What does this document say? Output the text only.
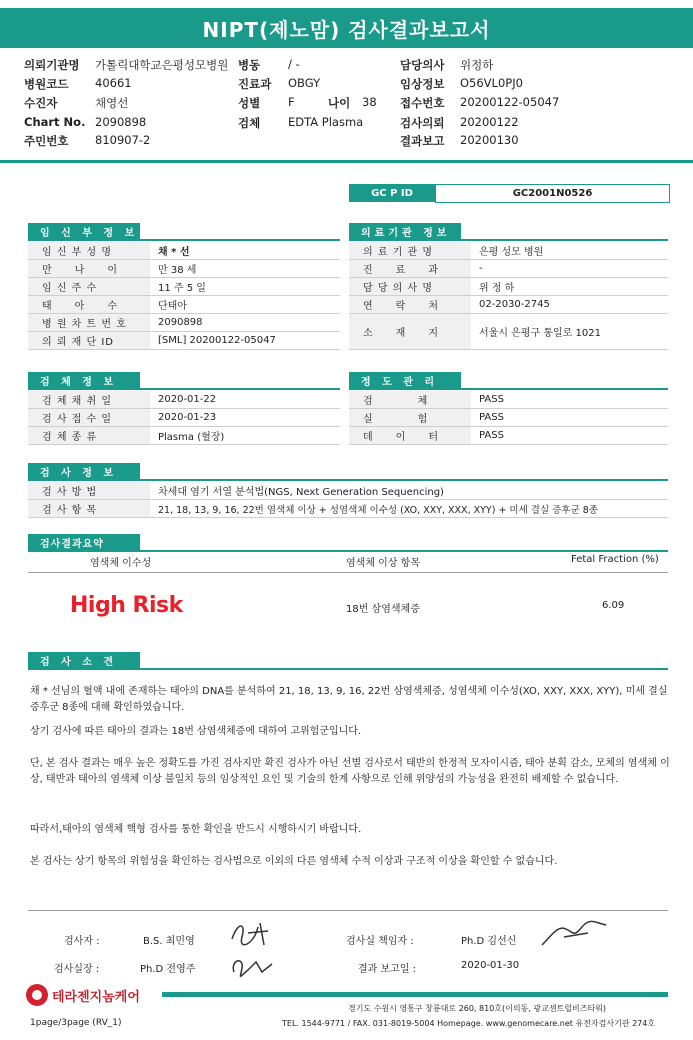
NIPT(제노맘) 검사결과보고서
의뢰기관명 가톨릭대학교은평성모병원 병동 / -	담당의사 위정하
병원코드 40661	진료과 OBGY	임상정보 O56VL0PJ0
수진자	채영선	성별 F	나이 38 접수번호 20200122-05047
Chart No. 2090898	검체 EDTA Plasma	검사의뢰 20200122
주민번호 810907-2	결과보고 20200130
GC P ID	GC2001N0526
임 신 부 정 보
임 신 부 성 명	채 * 선
만　　나　　이	만 38 세
임 신 주 수	11 주 5 일
태　　아　　수	단태아
병 원 차 트 번 호	2090898
의 뢰 재 단 ID	[SML] 20200122-05047
의료기관 정보
의 료 기 관 명	은평 성모 병원
진　　료　　과	-
담 당 의 사 명	위 정 하
연　　락　　처	02-2030-2745
소　　재　　지	서울시 은평구 통일로 1021
검 체 정 보
검 체 채 취 일	2020-01-22
검 사 접 수 일	2020-01-23
검 체 종 류	Plasma (혈장)
정 도 관 리
검　　　　체	PASS
실　　　　험	PASS
데　　이　　터	PASS
검 사 정 보
검 사 방 법	차세대 염기 서열 분석법(NGS, Next Generation Sequencing)
검 사 항 목	21, 18, 13, 9, 16, 22번 염색체 이상 + 성염색체 이수성 (XO, XXY, XXX, XYY) + 미세 결실 증후군 8종
검사결과요약
염색체 이수성	염색체 이상 항목	Fetal Fraction (%)
High Risk	18번 삼염색체증	6.09
검 사 소 견
채 * 선님의 혈액 내에 존재하는 태아의 DNA를 분석하여 21, 18, 13, 9, 16, 22번 삼염색체증, 성염색체 이수성(XO, XXY, XXX, XYY), 미세 결실 증후군 8종에 대해 확인하였습니다.
상기 검사에 따른 태아의 결과는 18번 삼염색체증에 대하여 고위험군입니다.
단, 본 검사 결과는 매우 높은 정확도를 가진 검사지만 확진 검사가 아닌 선별 검사로서 태반의 한정적 모자이시즘, 태아 분획 감소, 모체의 염색체 이상, 태반과 태아의 염색체 이상 불일치 등의 임상적인 요인 및 기술의 한계 사항으로 인해 위양성의 가능성을 완전히 배제할 수 없습니다.
따라서,태아의 염색체 핵형 검사를 통한 확인을 반드시 시행하시기 바랍니다.
본 검사는 상기 항목의 위험성을 확인하는 검사법으로 이외의 다른 염색체 수적 이상과 구조적 이상을 확인할 수 없습니다.
검사자 :	B.S. 최민영	검사실 책임자 :	Ph.D 김선신
검사실장 :	Ph.D 전영주	결과 보고일 :	2020-01-30
테라젠지놈케어
경기도 수원시 영통구 창룡대로 260, 810호(이의동, 광교센트럴비즈타워)
TEL. 1544-9771 / FAX. 031-8019-5004 Homepage. www.genomecare.net 유전자검사기관 274호
1page/3page (RV_1)
